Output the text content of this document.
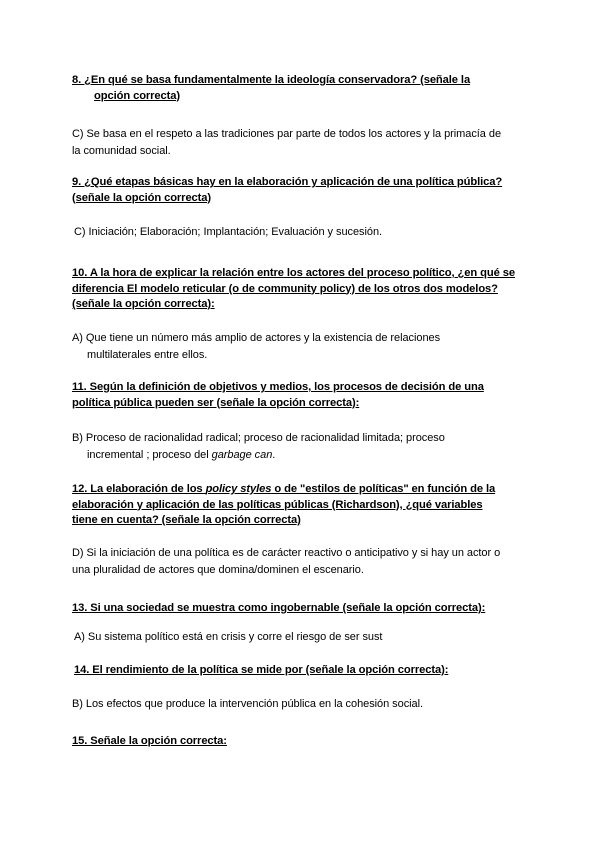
8. ¿En qué se basa fundamentalmente la ideología conservadora? (señale la
opción correcta)
C) Se basa en el respeto a las tradiciones par parte de todos los actores y la primacía de
la comunidad social.
9. ¿Qué etapas básicas hay en la elaboración y aplicación de una política pública?
(señale la opción correcta)
C) Iniciación; Elaboración; Implantación; Evaluación y sucesión.
10. A la hora de explicar la relación entre los actores del proceso político, ¿en qué se
diferencia El modelo reticular (o de community policy) de los otros dos modelos?
(señale la opción correcta):
A) Que tiene un número más amplio de actores y la existencia de relaciones
multilaterales entre ellos.
11. Según la definición de objetivos y medios, los procesos de decisión de una
política pública pueden ser (señale la opción correcta):
B) Proceso de racionalidad radical; proceso de racionalidad limitada; proceso
incremental ; proceso del garbage can.
12. La elaboración de los policy styles o de "estilos de políticas" en función de la
elaboración y aplicación de las políticas públicas (Richardson), ¿qué variables
tiene en cuenta? (señale la opción correcta)
D) Si la iniciación de una política es de carácter reactivo o anticipativo y si hay un actor o
una pluralidad de actores que domina/dominen el escenario.
13. Si una sociedad se muestra como ingobernable (señale la opción correcta):
A) Su sistema político está en crisis y corre el riesgo de ser sust
14. El rendimiento de la política se mide por (señale la opción correcta):
B) Los efectos que produce la intervención pública en la cohesión social.
15. Señale la opción correcta:
